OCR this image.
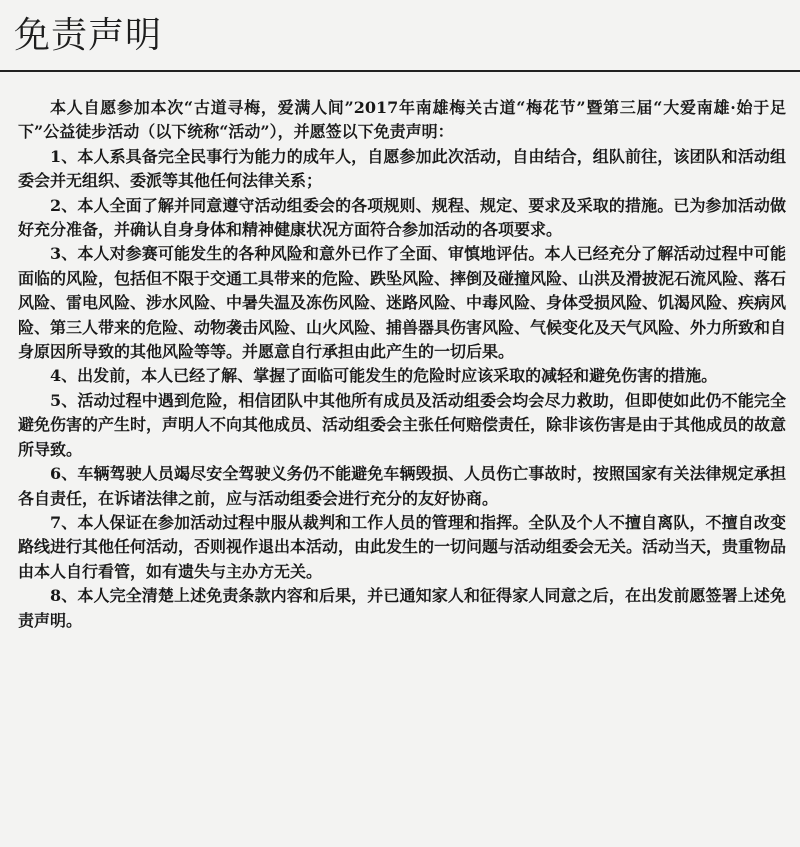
免责声明

本人自愿参加本次“古道寻梅，爱满人间”2017年南雄梅关古道“梅花节”暨第三届“大爱南雄·始于足下”公益徒步活动（以下统称“活动”），并愿签以下免责声明：

1、本人系具备完全民事行为能力的成年人，自愿参加此次活动，自由结合，组队前往，该团队和活动组委会并无组织、委派等其他任何法律关系；

2、本人全面了解并同意遵守活动组委会的各项规则、规程、规定、要求及采取的措施。已为参加活动做好充分准备，并确认自身身体和精神健康状况方面符合参加活动的各项要求。

3、本人对参赛可能发生的各种风险和意外已作了全面、审慎地评估。本人已经充分了解活动过程中可能面临的风险，包括但不限于交通工具带来的危险、跌坠风险、摔倒及碰撞风险、山洪及滑披泥石流风险、落石风险、雷电风险、涉水风险、中暑失温及冻伤风险、迷路风险、中毒风险、身体受损风险、饥渴风险、疾病风险、第三人带来的危险、动物袭击风险、山火风险、捕兽器具伤害风险、气候变化及天气风险、外力所致和自身原因所导致的其他风险等等。并愿意自行承担由此产生的一切后果。

4、出发前，本人已经了解、掌握了面临可能发生的危险时应该采取的减轻和避免伤害的措施。

5、活动过程中遇到危险，相信团队中其他所有成员及活动组委会均会尽力救助，但即使如此仍不能完全避免伤害的产生时，声明人不向其他成员、活动组委会主张任何赔偿责任，除非该伤害是由于其他成员的故意所导致。

6、车辆驾驶人员竭尽安全驾驶义务仍不能避免车辆毁损、人员伤亡事故时，按照国家有关法律规定承担各自责任，在诉诸法律之前，应与活动组委会进行充分的友好协商。

7、本人保证在参加活动过程中服从裁判和工作人员的管理和指挥。全队及个人不擅自离队，不擅自改变路线进行其他任何活动，否则视作退出本活动，由此发生的一切问题与活动组委会无关。活动当天，贵重物品由本人自行看管，如有遗失与主办方无关。

8、本人完全清楚上述免责条款内容和后果，并已通知家人和征得家人同意之后，在出发前愿签署上述免责声明。
